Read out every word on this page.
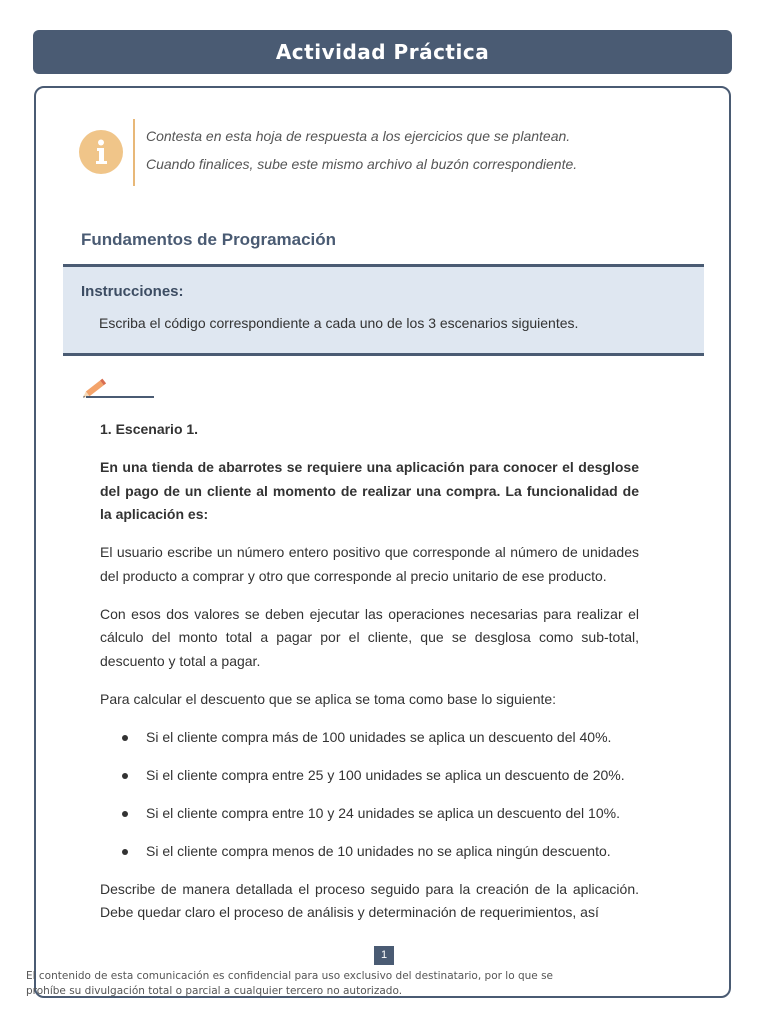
Actividad Práctica
Contesta en esta hoja de respuesta a los ejercicios que se plantean.
Cuando finalices, sube este mismo archivo al buzón correspondiente.
Fundamentos de Programación
Instrucciones:
Escriba el código correspondiente a cada uno de los 3 escenarios siguientes.

1. Escenario 1.

En una tienda de abarrotes se requiere una aplicación para conocer el desglose del pago de un cliente al momento de realizar una compra. La funcionalidad de la aplicación es:

El usuario escribe un número entero positivo que corresponde al número de unidades del producto a comprar y otro que corresponde al precio unitario de ese producto.

Con esos dos valores se deben ejecutar las operaciones necesarias para realizar el cálculo del monto total a pagar por el cliente, que se desglosa como sub-total, descuento y total a pagar.

Para calcular el descuento que se aplica se toma como base lo siguiente:

Si el cliente compra más de 100 unidades se aplica un descuento del 40%.
Si el cliente compra entre 25 y 100 unidades se aplica un descuento de 20%.
Si el cliente compra entre 10 y 24 unidades se aplica un descuento del 10%.
Si el cliente compra menos de 10 unidades no se aplica ningún descuento.

Describe de manera detallada el proceso seguido para la creación de la aplicación. Debe quedar claro el proceso de análisis y determinación de requerimientos, así

1
El contenido de esta comunicación es confidencial para uso exclusivo del destinatario, por lo que se
prohíbe su divulgación total o parcial a cualquier tercero no autorizado.
